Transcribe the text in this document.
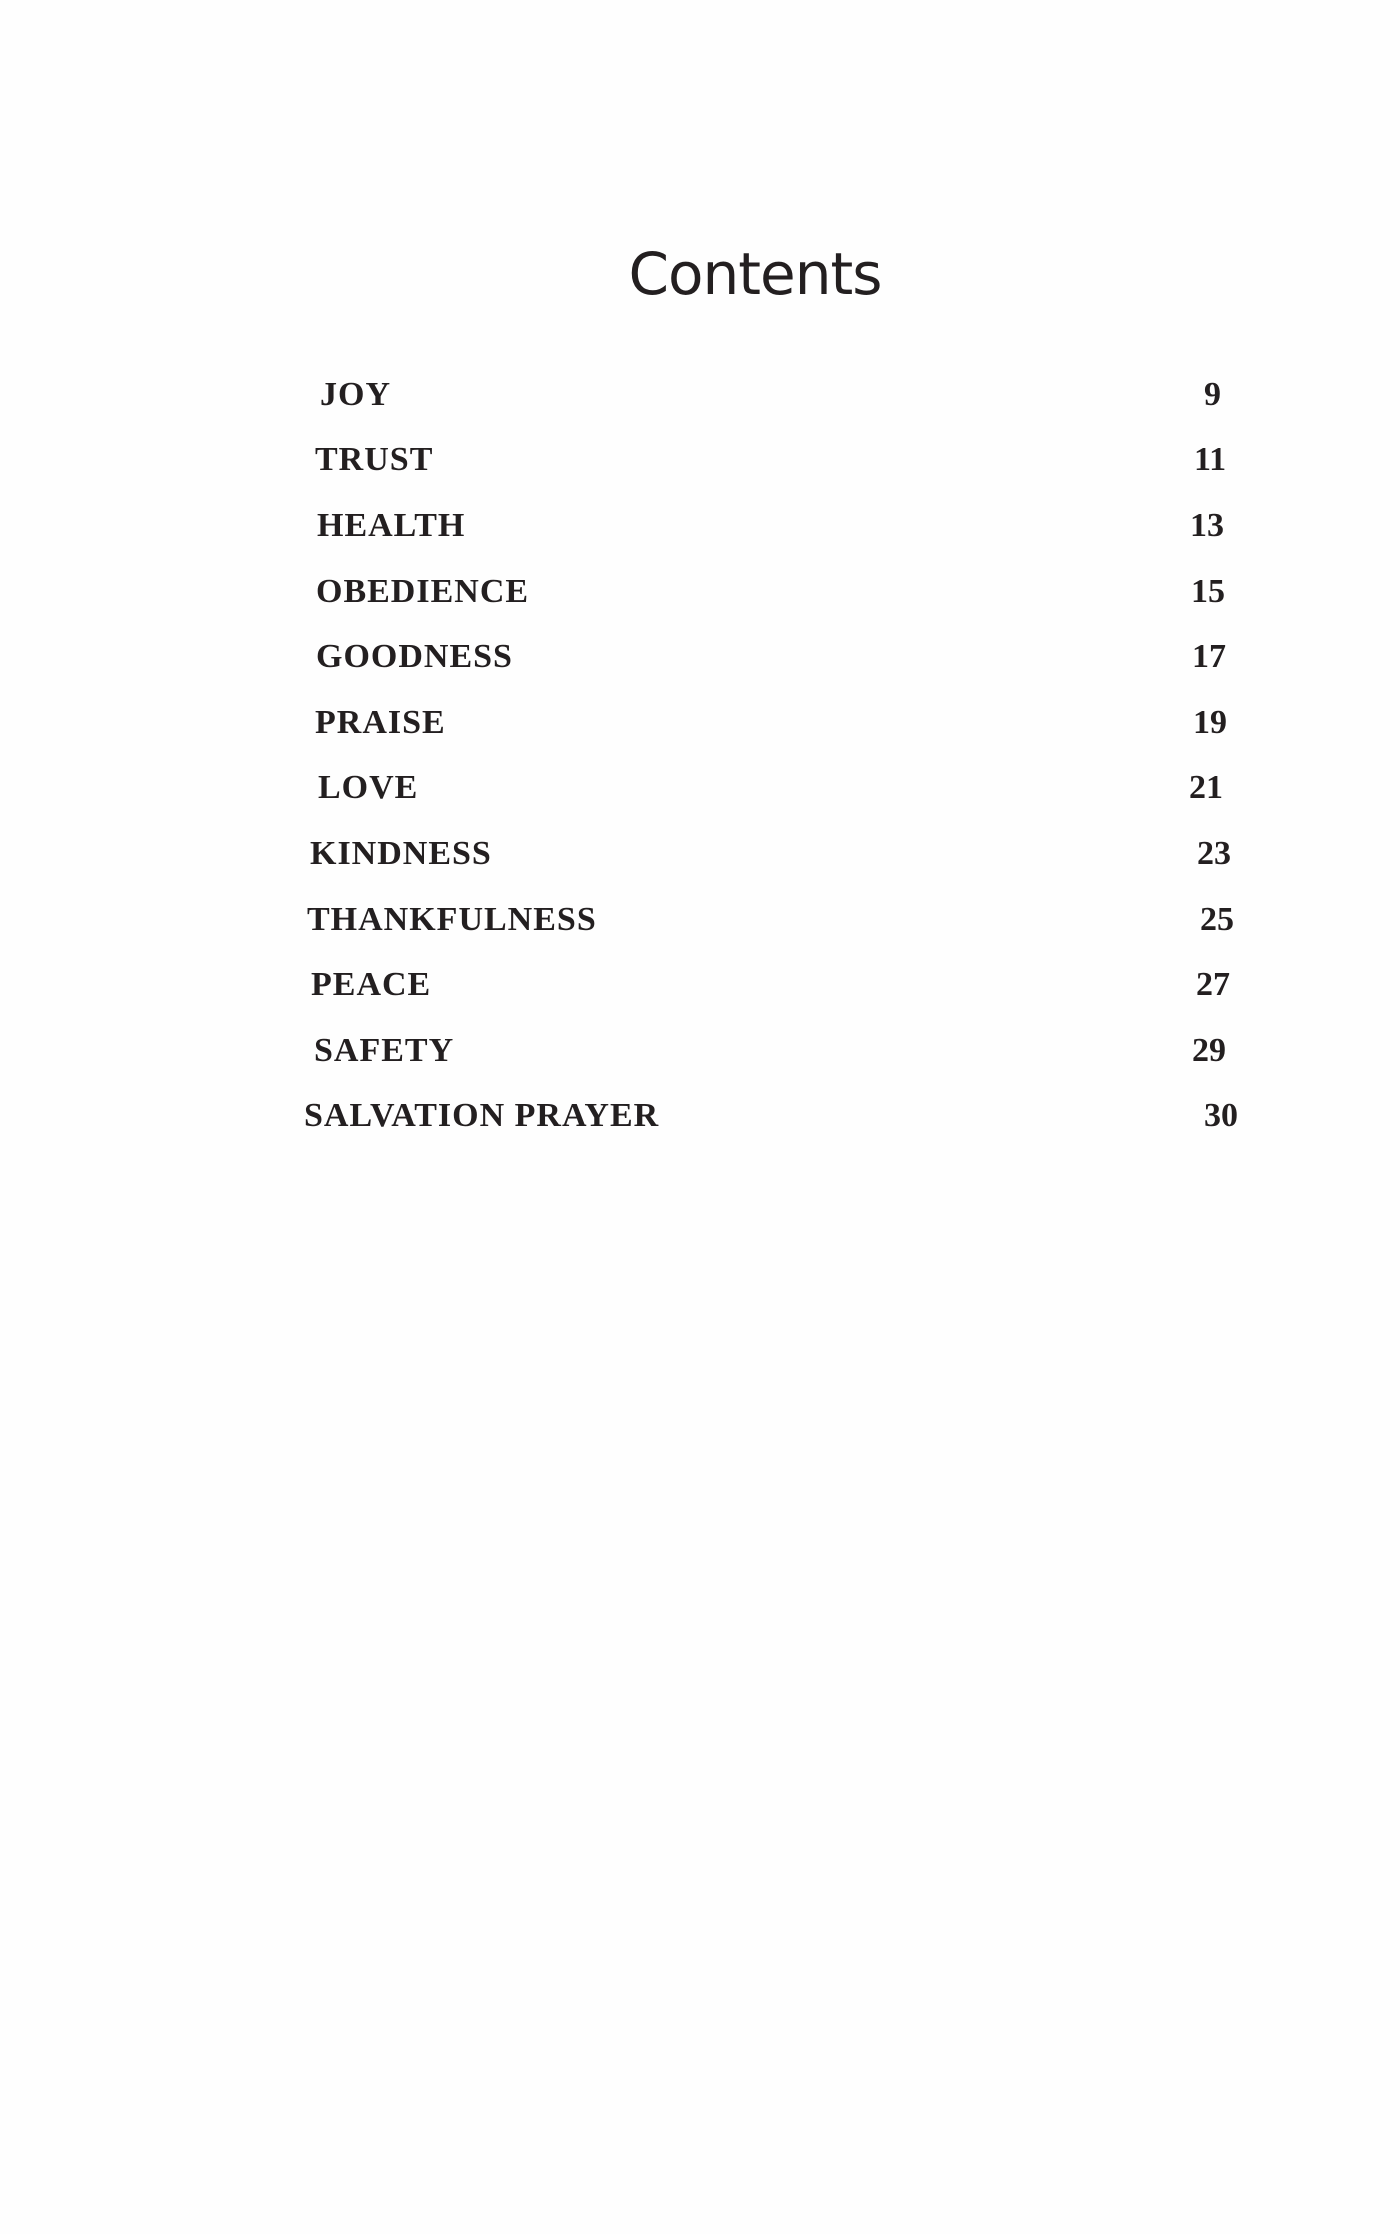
Contents
JOY	9
TRUST	11
HEALTH	13
OBEDIENCE	15
GOODNESS	17
PRAISE	19
LOVE	21
KINDNESS	23
THANKFULNESS	25
PEACE	27
SAFETY	29
SALVATION PRAYER	30
